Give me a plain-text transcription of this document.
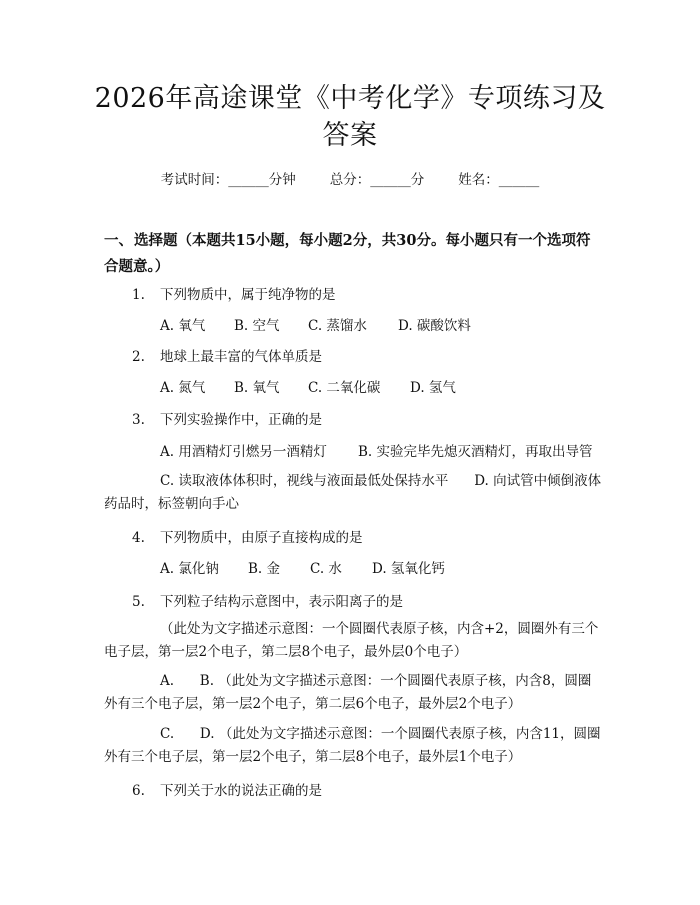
2026年高途课堂《中考化学》专项练习及答案
考试时间：______分钟	总分：______分	姓名：______
一、选择题（本题共15小题，每小题2分，共30分。每小题只有一个选项符合题意。）
1. 下列物质中，属于纯净物的是
A. 氧气 B. 空气 C. 蒸馏水 D. 碳酸饮料
2. 地球上最丰富的气体单质是
A. 氮气 B. 氧气 C. 二氧化碳 D. 氢气
3. 下列实验操作中，正确的是
A. 用酒精灯引燃另一酒精灯 B. 实验完毕先熄灭酒精灯，再取出导管
C. 读取液体体积时，视线与液面最低处保持水平 D. 向试管中倾倒液体药品时，标签朝向手心
4. 下列物质中，由原子直接构成的是
A. 氯化钠 B. 金 C. 水 D. 氢氧化钙
5. 下列粒子结构示意图中，表示阳离子的是
（此处为文字描述示意图：一个圆圈代表原子核，内含+2，圆圈外有三个电子层，第一层2个电子，第二层8个电子，最外层0个电子）
A. B. （此处为文字描述示意图：一个圆圈代表原子核，内含8，圆圈外有三个电子层，第一层2个电子，第二层6个电子，最外层2个电子）
C. D. （此处为文字描述示意图：一个圆圈代表原子核，内含11，圆圈外有三个电子层，第一层2个电子，第二层8个电子，最外层1个电子）
6. 下列关于水的说法正确的是
